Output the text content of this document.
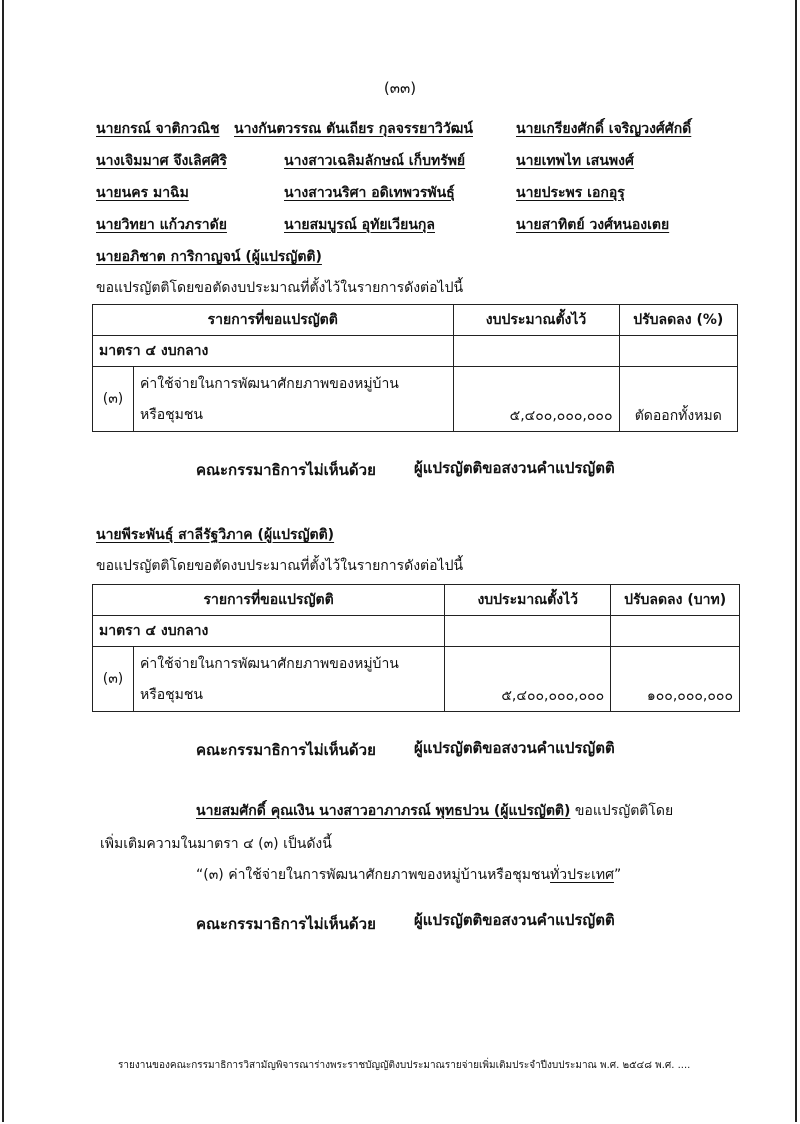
(๓๓)
นายกรณ์ จาติกวณิช นางกันตวรรณ ตันเถียร กุลจรรยาวิวัฒน์	นายเกรียงศักดิ์ เจริญวงศ์ศักดิ์
นางเจิมมาศ จึงเลิศศิริ	นางสาวเฉลิมลักษณ์ เก็บทรัพย์	นายเทพไท เสนพงศ์
นายนคร มาฉิม	นางสาวนริศา อดิเทพวรพันธุ์	นายประพร เอกอุรุ
นายวิทยา แก้วภราดัย	นายสมบูรณ์ อุทัยเวียนกุล	นายสาทิตย์ วงศ์หนองเตย
นายอภิชาต การิกาญจน์ (ผู้แปรญัตติ)
ขอแปรญัตติโดยขอตัดงบประมาณที่ตั้งไว้ในรายการดังต่อไปนี้
รายการที่ขอแปรญัตติ		งบประมาณตั้งไว้	ปรับลดลง (%)
มาตรา ๔ งบกลาง			
(๓)	ค่าใช้จ่ายในการพัฒนาศักยภาพของหมู่บ้าน
หรือชุมชน	๕,๔๐๐,๐๐๐,๐๐๐	ตัดออกทั้งหมด
คณะกรรมาธิการไม่เห็นด้วย	ผู้แปรญัตติขอสงวนคำแปรญัตติ
นายพีระพันธุ์ สาลีรัฐวิภาค (ผู้แปรญัตติ)
ขอแปรญัตติโดยขอตัดงบประมาณที่ตั้งไว้ในรายการดังต่อไปนี้
รายการที่ขอแปรญัตติ		งบประมาณตั้งไว้	ปรับลดลง (บาท)
มาตรา ๔ งบกลาง			
(๓)	ค่าใช้จ่ายในการพัฒนาศักยภาพของหมู่บ้าน
หรือชุมชน	๕,๔๐๐,๐๐๐,๐๐๐	๑๐๐,๐๐๐,๐๐๐
คณะกรรมาธิการไม่เห็นด้วย	ผู้แปรญัตติขอสงวนคำแปรญัตติ
นายสมศักดิ์ คุณเงิน นางสาวอาภาภรณ์ พุทธปวน (ผู้แปรญัตติ) ขอแปรญัตติโดย
เพิ่มเติมความในมาตรา ๔ (๓) เป็นดังนี้
“(๓) ค่าใช้จ่ายในการพัฒนาศักยภาพของหมู่บ้านหรือชุมชนทั่วประเทศ”
คณะกรรมาธิการไม่เห็นด้วย	ผู้แปรญัตติขอสงวนคำแปรญัตติ
รายงานของคณะกรรมาธิการวิสามัญพิจารณาร่างพระราชบัญญัติงบประมาณรายจ่ายเพิ่มเติมประจำปีงบประมาณ พ.ศ. ๒๕๔๘ พ.ศ. ....
